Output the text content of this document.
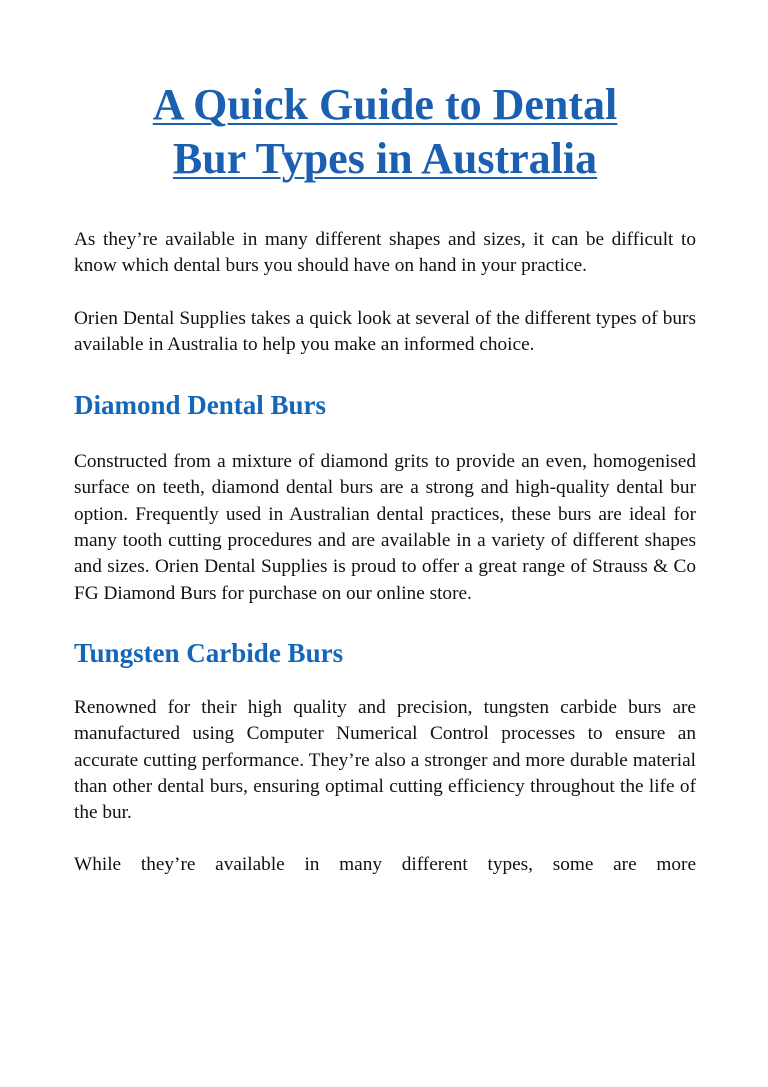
A Quick Guide to Dental
Bur Types in Australia

As they’re available in many different shapes and sizes, it can be difficult to know which dental burs you should have on hand in your practice.

Orien Dental Supplies takes a quick look at several of the different types of burs available in Australia to help you make an informed choice.

Diamond Dental Burs

Constructed from a mixture of diamond grits to provide an even, homogenised surface on teeth, diamond dental burs are a strong and high-quality dental bur option. Frequently used in Australian dental practices, these burs are ideal for many tooth cutting procedures and are available in a variety of different shapes and sizes. Orien Dental Supplies is proud to offer a great range of Strauss & Co FG Diamond Burs for purchase on our online store.

Tungsten Carbide Burs

Renowned for their high quality and precision, tungsten carbide burs are manufactured using Computer Numerical Control processes to ensure an accurate cutting performance. They’re also a stronger and more durable material than other dental burs, ensuring optimal cutting efficiency throughout the life of the bur.

While they’re available in many different types, some are more
